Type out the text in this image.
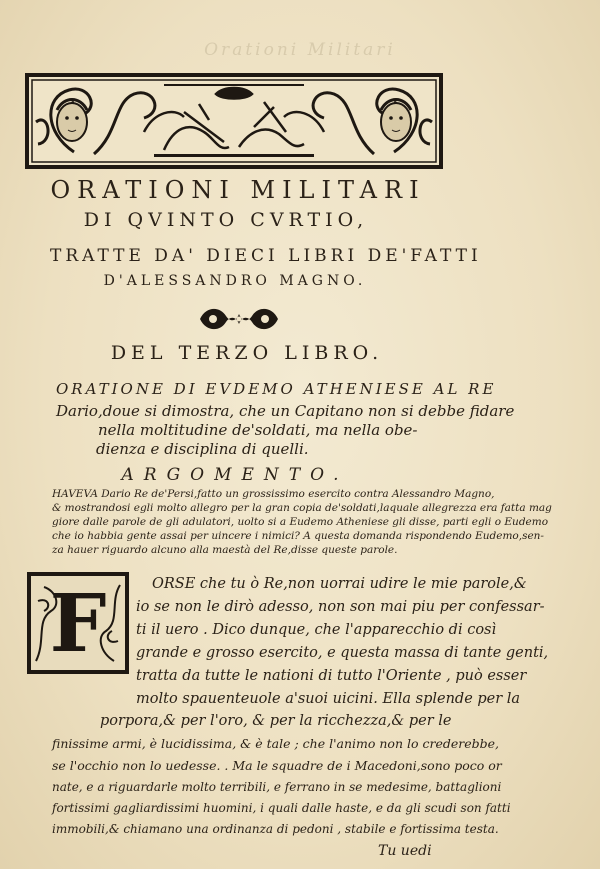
Orationi Militari
ORATIONI MILITARI
DI QVINTO CVRTIO,
TRATTE DA' DIECI LIBRI DE'FATTI
D'ALESSANDRO MAGNO.
DEL TERZO LIBRO.
ORATIONE DI EVDEMO ATHENIESE AL RE
Dario,doue si dimostra, che un Capitano non si debbe fidare
nella moltitudine de'soldati, ma nella obe-
dienza e disciplina di quelli.
ARGOMENTO.
HAVEVA Dario Re de'Persi,fatto un grossissimo esercito contra Alessandro Magno,
& mostrandosi egli molto allegro per la gran copia de'soldati,laquale allegrezza era fatta mag
giore dalle parole de gli adulatori, uolto si a Eudemo Atheniese gli disse, parti egli o Eudemo
che io habbia gente assai per uincere i nimici? A questa domanda rispondendo Eudemo,sen-
za hauer riguardo alcuno alla maestà del Re,disse queste parole.
F	ORSE che tu ò Re,non uorrai udire le mie parole,&
io se non le dirò adesso, non son mai piu per confessar-
ti il uero . Dico dunque, che l'apparecchio di così
grande e grosso esercito, e questa massa di tante genti,
tratta da tutte le nationi di tutto l'Oriente , può esser
molto spauenteuole a'suoi uicini. Ella splende per la
porpora,& per l'oro, & per la ricchezza,& per le
finissime armi, è lucidissima, & è tale ; che l'animo non lo crederebbe,
se l'occhio non lo uedesse. . Ma le squadre de i Macedoni,sono poco or
nate, e a riguardarle molto terribili, e ferrano in se medesime, battaglioni
fortissimi gagliardissimi huomini, i quali dalle haste, e da gli scudi son fatti
immobili,& chiamano una ordinanza di pedoni , stabile e fortissima testa.
Tu uedi
